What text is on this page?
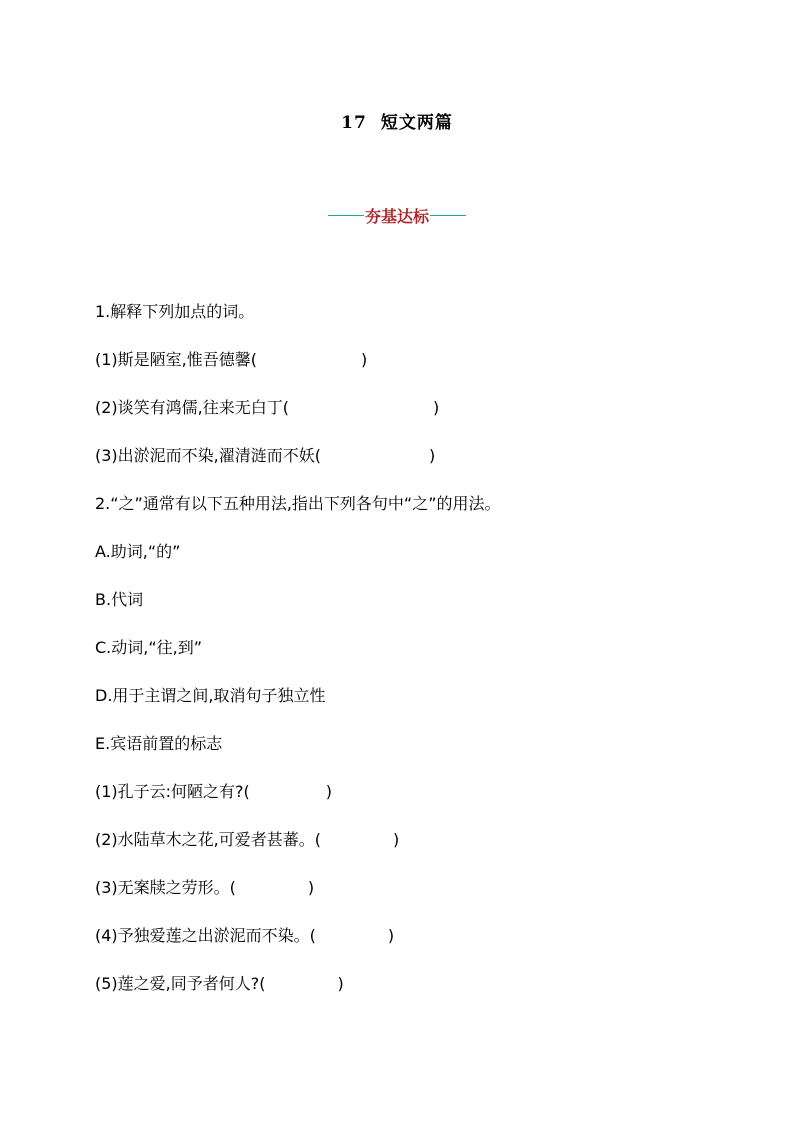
17 短文两篇
夯基达标
1.解释下列加点的词。
(1)斯是陋室,惟吾德馨(	)
(2)谈笑有鸿儒,往来无白丁(	)
(3)出淤泥而不染,濯清涟而不妖(	)
2.“之”通常有以下五种用法,指出下列各句中“之”的用法。
A.助词,“的”
B.代词
C.动词,“往,到”
D.用于主谓之间,取消句子独立性
E.宾语前置的标志
(1)孔子云:何陋之有?(	)
(2)水陆草木之花,可爱者甚蕃。(	)
(3)无案牍之劳形。(	)
(4)予独爱莲之出淤泥而不染。(	)
(5)莲之爱,同予者何人?(	)
